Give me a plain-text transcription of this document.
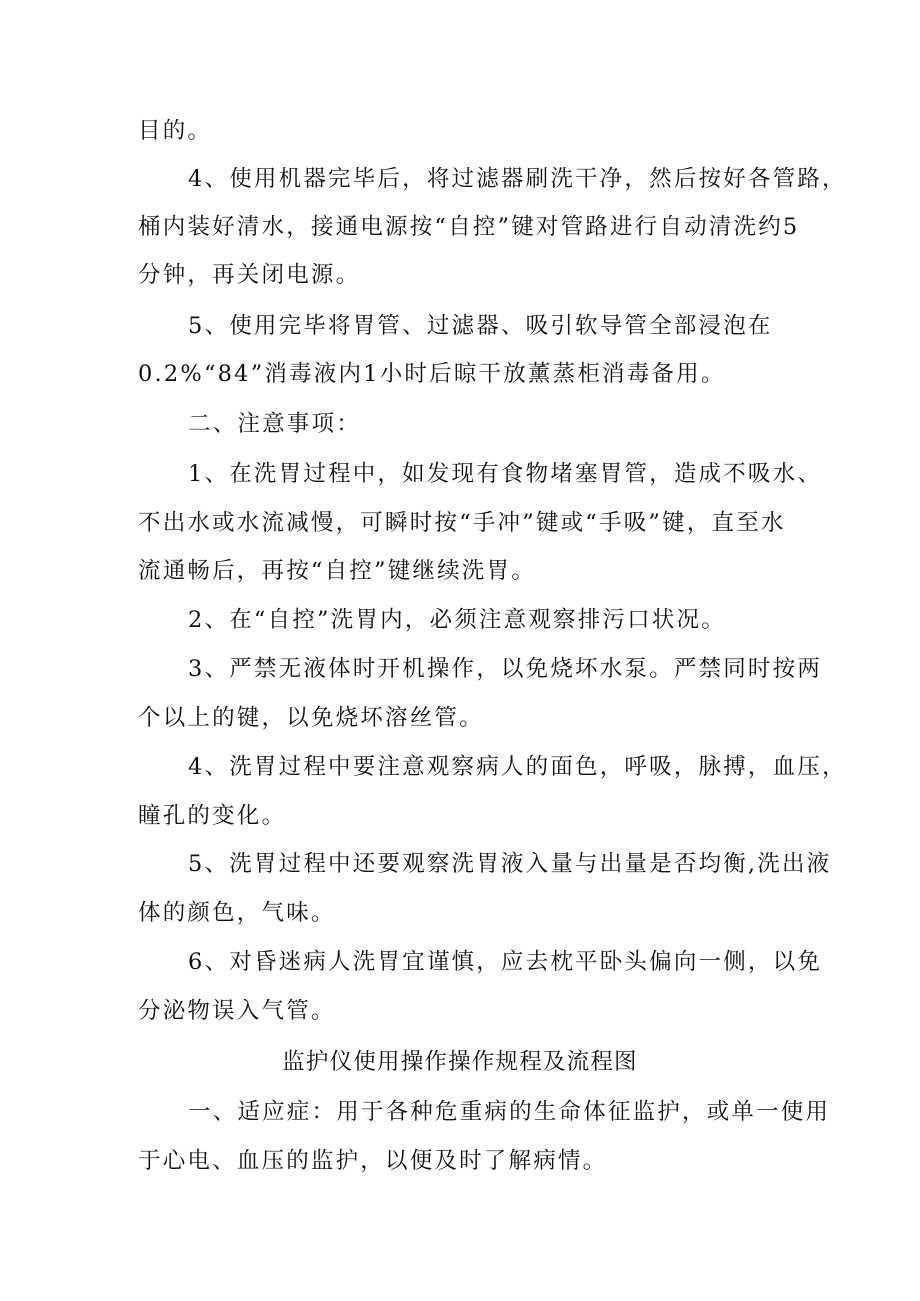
目的。
4、使用机器完毕后，将过滤器刷洗干净，然后按好各管路，
桶内装好清水，接通电源按“自控”键对管路进行自动清洗约5
分钟，再关闭电源。
5、使用完毕将胃管、过滤器、吸引软导管全部浸泡在
0.2%“84”消毒液内1小时后晾干放薰蒸柜消毒备用。
二、注意事项：
1、在洗胃过程中，如发现有食物堵塞胃管，造成不吸水、
不出水或水流减慢，可瞬时按“手冲”键或“手吸”键，直至水
流通畅后，再按“自控”键继续洗胃。
2、在“自控”洗胃内，必须注意观察排污口状况。
3、严禁无液体时开机操作，以免烧坏水泵。严禁同时按两
个以上的键，以免烧坏溶丝管。
4、洗胃过程中要注意观察病人的面色，呼吸，脉搏，血压，
瞳孔的变化。
5、洗胃过程中还要观察洗胃液入量与出量是否均衡,洗出液
体的颜色，气味。
6、对昏迷病人洗胃宜谨慎，应去枕平卧头偏向一侧，以免
分泌物误入气管。
监护仪使用操作操作规程及流程图
一、适应症：用于各种危重病的生命体征监护，或单一使用
于心电、血压的监护，以便及时了解病情。
